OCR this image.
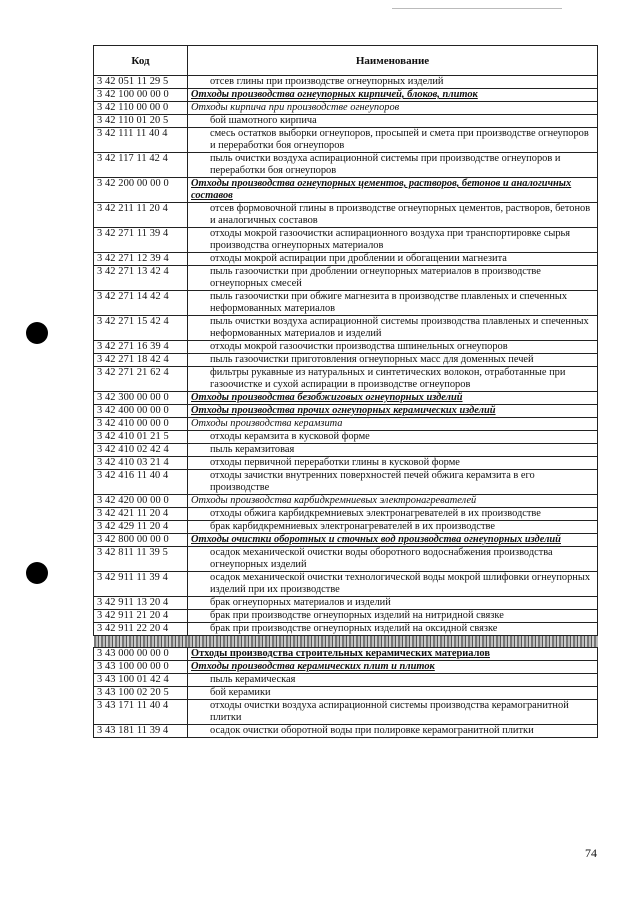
Код	Наименование
3 42 051 11 29 5	отсев глины при производстве огнеупорных изделий
3 42 100 00 00 0	Отходы производства огнеупорных кирпичей, блоков, плиток
3 42 110 00 00 0	Отходы кирпича при производстве огнеупоров
3 42 110 01 20 5	бой шамотного кирпича
3 42 111 11 40 4	смесь остатков выборки огнеупоров, просыпей и смета при производстве огнеупоров и переработки боя огнеупоров
3 42 117 11 42 4	пыль очистки воздуха аспирационной системы при производстве огнеупоров и переработки боя огнеупоров
3 42 200 00 00 0	Отходы производства огнеупорных цементов, растворов, бетонов и аналогичных составов
3 42 211 11 20 4	отсев формовочной глины в производстве огнеупорных цементов, растворов, бетонов и аналогичных составов
3 42 271 11 39 4	отходы мокрой газоочистки аспирационного воздуха при транспортировке сырья производства огнеупорных материалов
3 42 271 12 39 4	отходы мокрой аспирации при дроблении и обогащении магнезита
3 42 271 13 42 4	пыль газоочистки при дроблении огнеупорных материалов в производстве огнеупорных смесей
3 42 271 14 42 4	пыль газоочистки при обжиге магнезита в производстве плавленых и спеченных неформованных материалов
3 42 271 15 42 4	пыль очистки воздуха аспирационной системы производства плавленых и спеченных неформованных материалов и изделий
3 42 271 16 39 4	отходы мокрой газоочистки производства шпинельных огнеупоров
3 42 271 18 42 4	пыль газоочистки приготовления огнеупорных масс для доменных печей
3 42 271 21 62 4	фильтры рукавные из натуральных и синтетических волокон, отработанные при газоочистке и сухой аспирации в производстве огнеупоров
3 42 300 00 00 0	Отходы производства безобжиговых огнеупорных изделий
3 42 400 00 00 0	Отходы производства прочих огнеупорных керамических изделий
3 42 410 00 00 0	Отходы производства керамзита
3 42 410 01 21 5	отходы керамзита в кусковой форме
3 42 410 02 42 4	пыль керамзитовая
3 42 410 03 21 4	отходы первичной переработки глины в кусковой форме
3 42 416 11 40 4	отходы зачистки внутренних поверхностей печей обжига керамзита в его производстве
3 42 420 00 00 0	Отходы производства карбидкремниевых электронагревателей
3 42 421 11 20 4	отходы обжига карбидкремниевых электронагревателей в их производстве
3 42 429 11 20 4	брак карбидкремниевых электронагревателей в их производстве
3 42 800 00 00 0	Отходы очистки оборотных и сточных вод производства огнеупорных изделий
3 42 811 11 39 5	осадок механической очистки воды оборотного водоснабжения производства огнеупорных изделий
3 42 911 11 39 4	осадок механической очистки технологической воды мокрой шлифовки огнеупорных изделий при их производстве
3 42 911 13 20 4	брак огнеупорных материалов и изделий
3 42 911 21 20 4	брак при производстве огнеупорных изделий на нитридной связке
3 42 911 22 20 4	брак при производстве огнеупорных изделий на оксидной связке

3 43 000 00 00 0	Отходы производства строительных керамических материалов
3 43 100 00 00 0	Отходы производства керамических плит и плиток
3 43 100 01 42 4	пыль керамическая
3 43 100 02 20 5	бой керамики
3 43 171 11 40 4	отходы очистки воздуха аспирационной системы производства керамогранитной плитки
3 43 181 11 39 4	осадок очистки оборотной воды при полировке керамогранитной плитки
74
